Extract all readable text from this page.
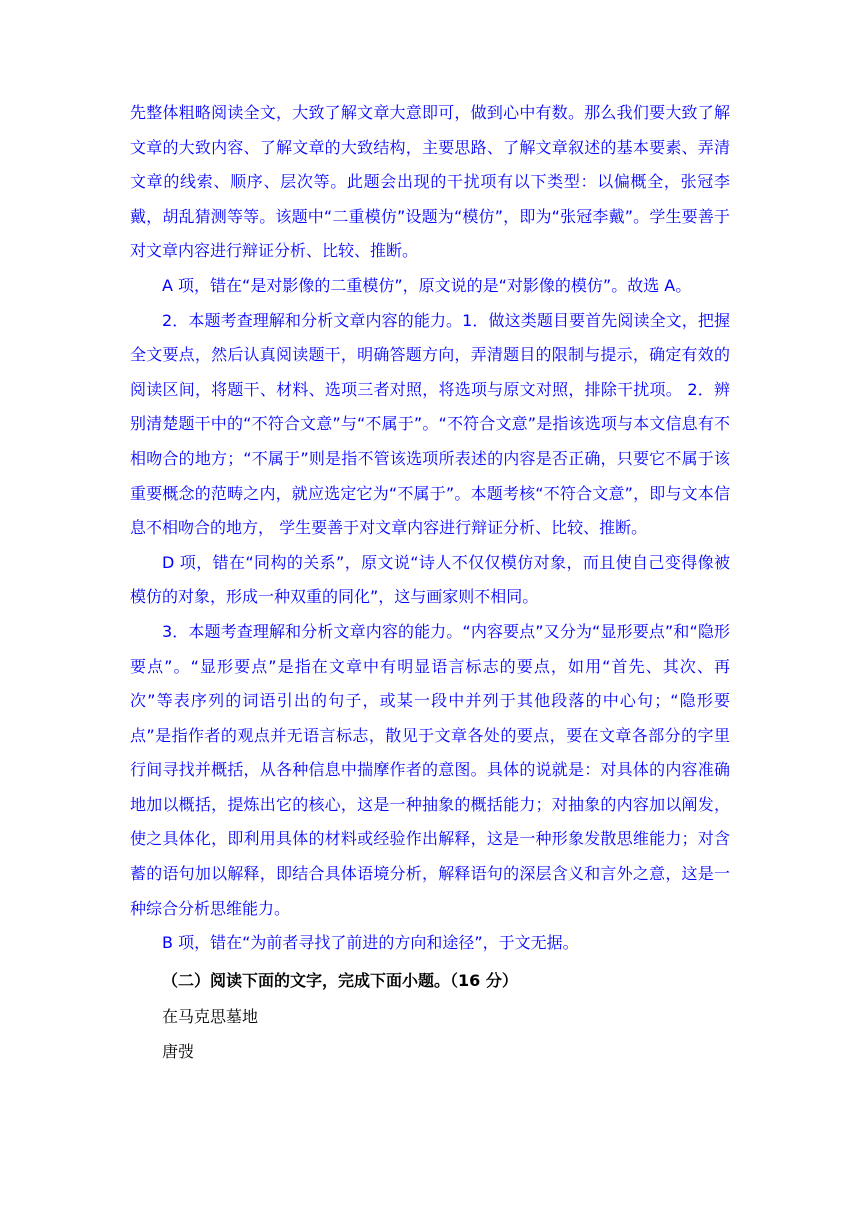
先整体粗略阅读全文，大致了解文章大意即可，做到心中有数。那么我们要大致了解文章的大致内容、了解文章的大致结构，主要思路、了解文章叙述的基本要素、弄清文章的线索、顺序、层次等。此题会出现的干扰项有以下类型：以偏概全，张冠李戴，胡乱猜测等等。该题中“二重模仿”设题为“模仿”，即为“张冠李戴”。学生要善于对文章内容进行辩证分析、比较、推断。

A 项，错在“是对影像的二重模仿”，原文说的是“对影像的模仿”。故选 A。

2．本题考查理解和分析文章内容的能力。1．做这类题目要首先阅读全文，把握全文要点，然后认真阅读题干，明确答题方向，弄清题目的限制与提示，确定有效的阅读区间，将题干、材料、选项三者对照，将选项与原文对照，排除干扰项。 2．辨别清楚题干中的“不符合文意”与“不属于”。“不符合文意”是指该选项与本文信息有不相吻合的地方；“不属于”则是指不管该选项所表述的内容是否正确，只要它不属于该重要概念的范畴之内，就应选定它为“不属于”。本题考核“不符合文意”，即与文本信息不相吻合的地方， 学生要善于对文章内容进行辩证分析、比较、推断。

D 项，错在“同构的关系”，原文说“诗人不仅仅模仿对象，而且使自己变得像被模仿的对象，形成一种双重的同化”，这与画家则不相同。

3．本题考查理解和分析文章内容的能力。“内容要点”又分为“显形要点”和“隐形要点”。“显形要点”是指在文章中有明显语言标志的要点，如用“首先、其次、再次”等表序列的词语引出的句子，或某一段中并列于其他段落的中心句；“隐形要点”是指作者的观点并无语言标志，散见于文章各处的要点，要在文章各部分的字里行间寻找并概括，从各种信息中揣摩作者的意图。具体的说就是：对具体的内容准确地加以概括，提炼出它的核心，这是一种抽象的概括能力；对抽象的内容加以阐发，使之具体化，即利用具体的材料或经验作出解释，这是一种形象发散思维能力；对含蓄的语句加以解释，即结合具体语境分析，解释语句的深层含义和言外之意，这是一种综合分析思维能力。

B 项，错在“为前者寻找了前进的方向和途径”，于文无据。

（二）阅读下面的文字，完成下面小题。（16 分）

在马克思墓地

唐弢
